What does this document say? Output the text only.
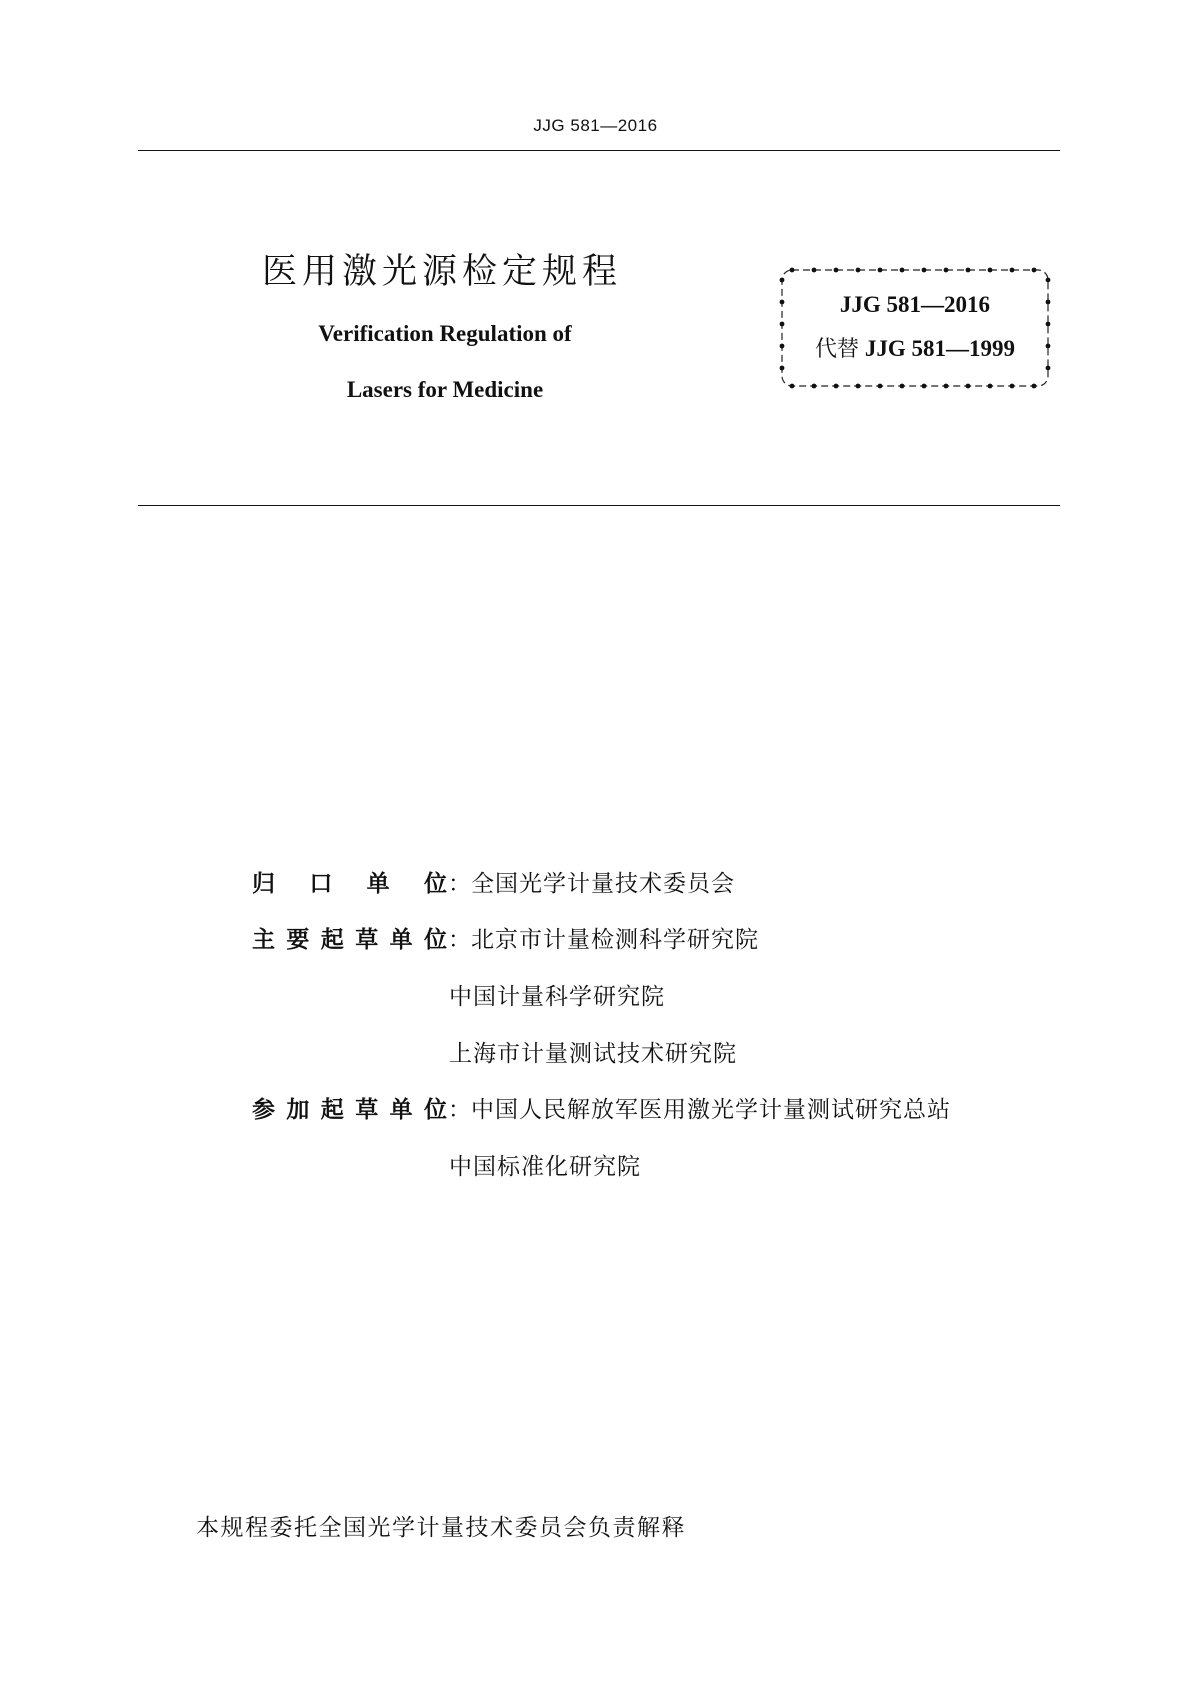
JJG 581—2016
医用激光源检定规程
Verification Regulation of
Lasers for Medicine
JJG 581—2016
代替 JJG 581—1999
归口单位：全国光学计量技术委员会
主要起草单位：北京市计量检测科学研究院
中国计量科学研究院
上海市计量测试技术研究院
参加起草单位：中国人民解放军医用激光学计量测试研究总站
中国标准化研究院
本规程委托全国光学计量技术委员会负责解释
